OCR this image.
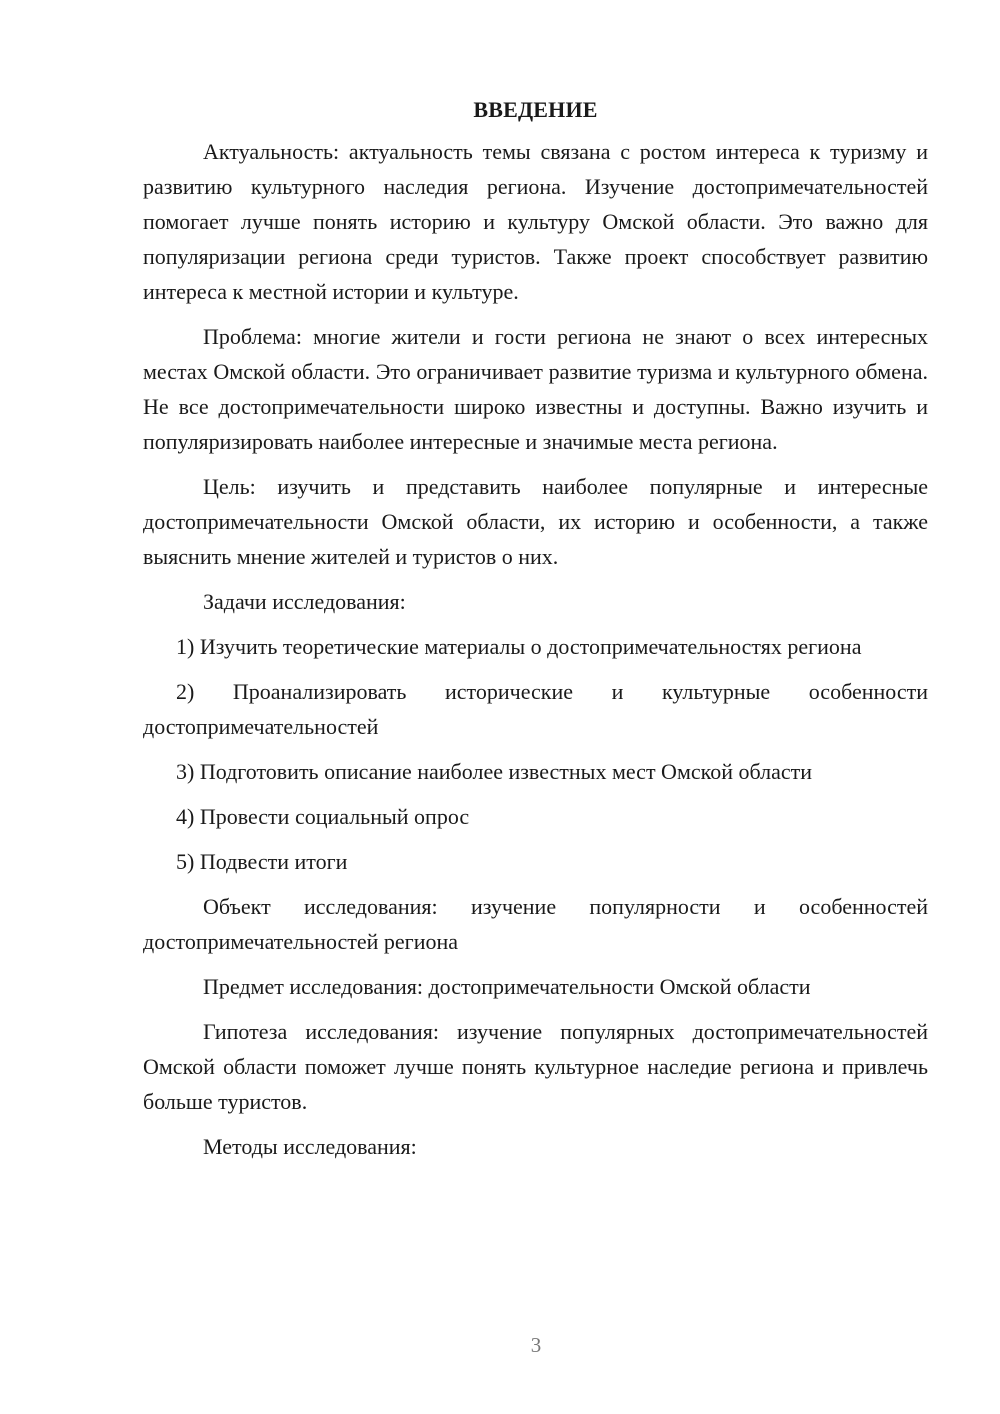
ВВЕДЕНИЕ

Актуальность: актуальность темы связана с ростом интереса к туризму и развитию культурного наследия региона. Изучение достопримечательностей помогает лучше понять историю и культуру Омской области. Это важно для популяризации региона среди туристов. Также проект способствует развитию интереса к местной истории и культуре.

Проблема: многие жители и гости региона не знают о всех интересных местах Омской области. Это ограничивает развитие туризма и культурного обмена. Не все достопримечательности широко известны и доступны. Важно изучить и популяризировать наиболее интересные и значимые места региона.

Цель: изучить и представить наиболее популярные и интересные достопримечательности Омской области, их историю и особенности, а также выяснить мнение жителей и туристов о них.

Задачи исследования:

1) Изучить теоретические материалы о достопримечательностях региона

2) Проанализировать исторические и культурные особенности достопримечательностей

3) Подготовить описание наиболее известных мест Омской области

4) Провести социальный опрос

5) Подвести итоги

Объект исследования: изучение популярности и особенностей достопримечательностей региона

Предмет исследования: достопримечательности Омской области

Гипотеза исследования: изучение популярных достопримечательностей Омской области поможет лучше понять культурное наследие региона и привлечь больше туристов.

Методы исследования:

3
